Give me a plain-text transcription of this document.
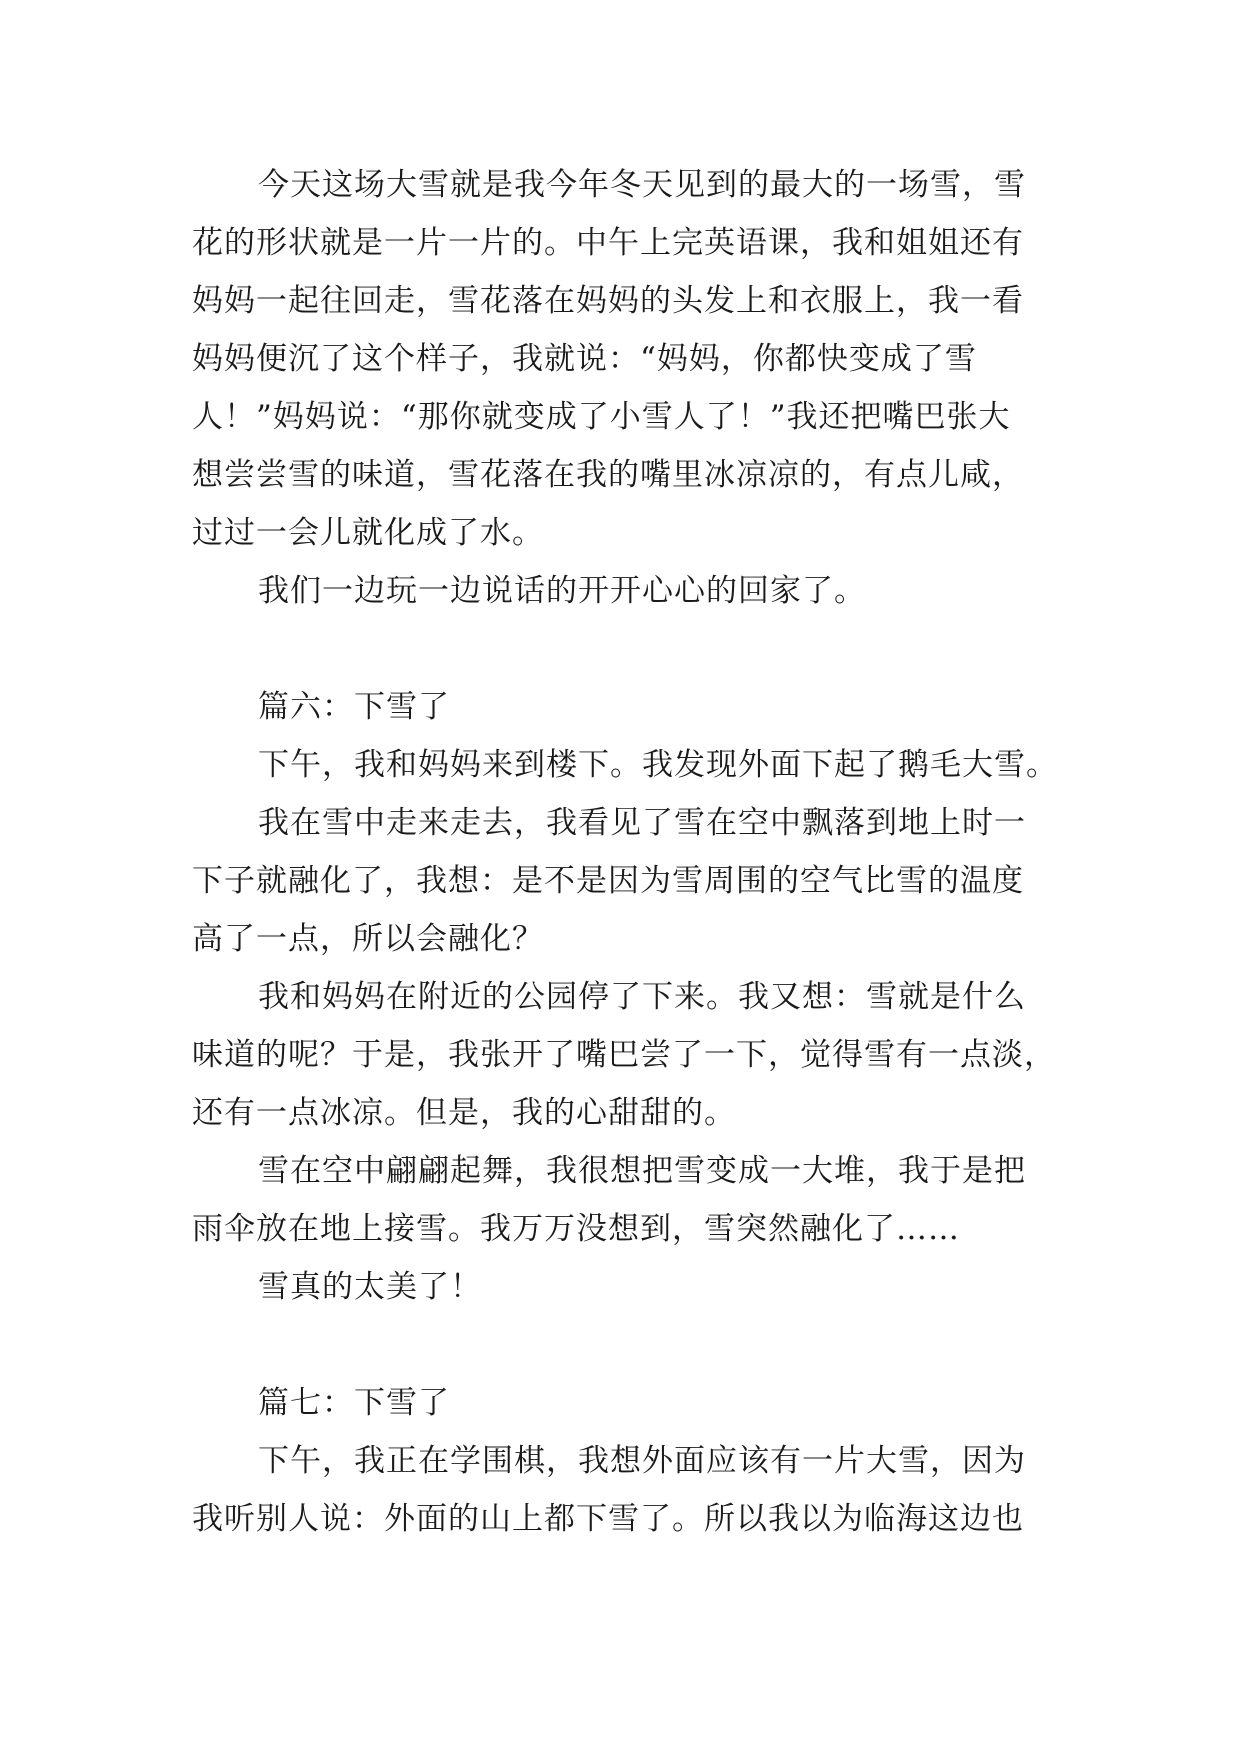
今天这场大雪就是我今年冬天见到的最大的一场雪，雪
花的形状就是一片一片的。中午上完英语课，我和姐姐还有
妈妈一起往回走，雪花落在妈妈的头发上和衣服上，我一看
妈妈便沉了这个样子，我就说：“妈妈，你都快变成了雪
人！”妈妈说：“那你就变成了小雪人了！”我还把嘴巴张大
想尝尝雪的味道，雪花落在我的嘴里冰凉凉的，有点儿咸，
过过一会儿就化成了水。
我们一边玩一边说话的开开心心的回家了。
篇六：下雪了
下午，我和妈妈来到楼下。我发现外面下起了鹅毛大雪。
我在雪中走来走去，我看见了雪在空中飘落到地上时一
下子就融化了，我想：是不是因为雪周围的空气比雪的温度
高了一点，所以会融化？
我和妈妈在附近的公园停了下来。我又想：雪就是什么
味道的呢？于是，我张开了嘴巴尝了一下，觉得雪有一点淡，
还有一点冰凉。但是，我的心甜甜的。
雪在空中翩翩起舞，我很想把雪变成一大堆，我于是把
雨伞放在地上接雪。我万万没想到，雪突然融化了……
雪真的太美了！
篇七：下雪了
下午，我正在学围棋，我想外面应该有一片大雪，因为
我听别人说：外面的山上都下雪了。所以我以为临海这边也
